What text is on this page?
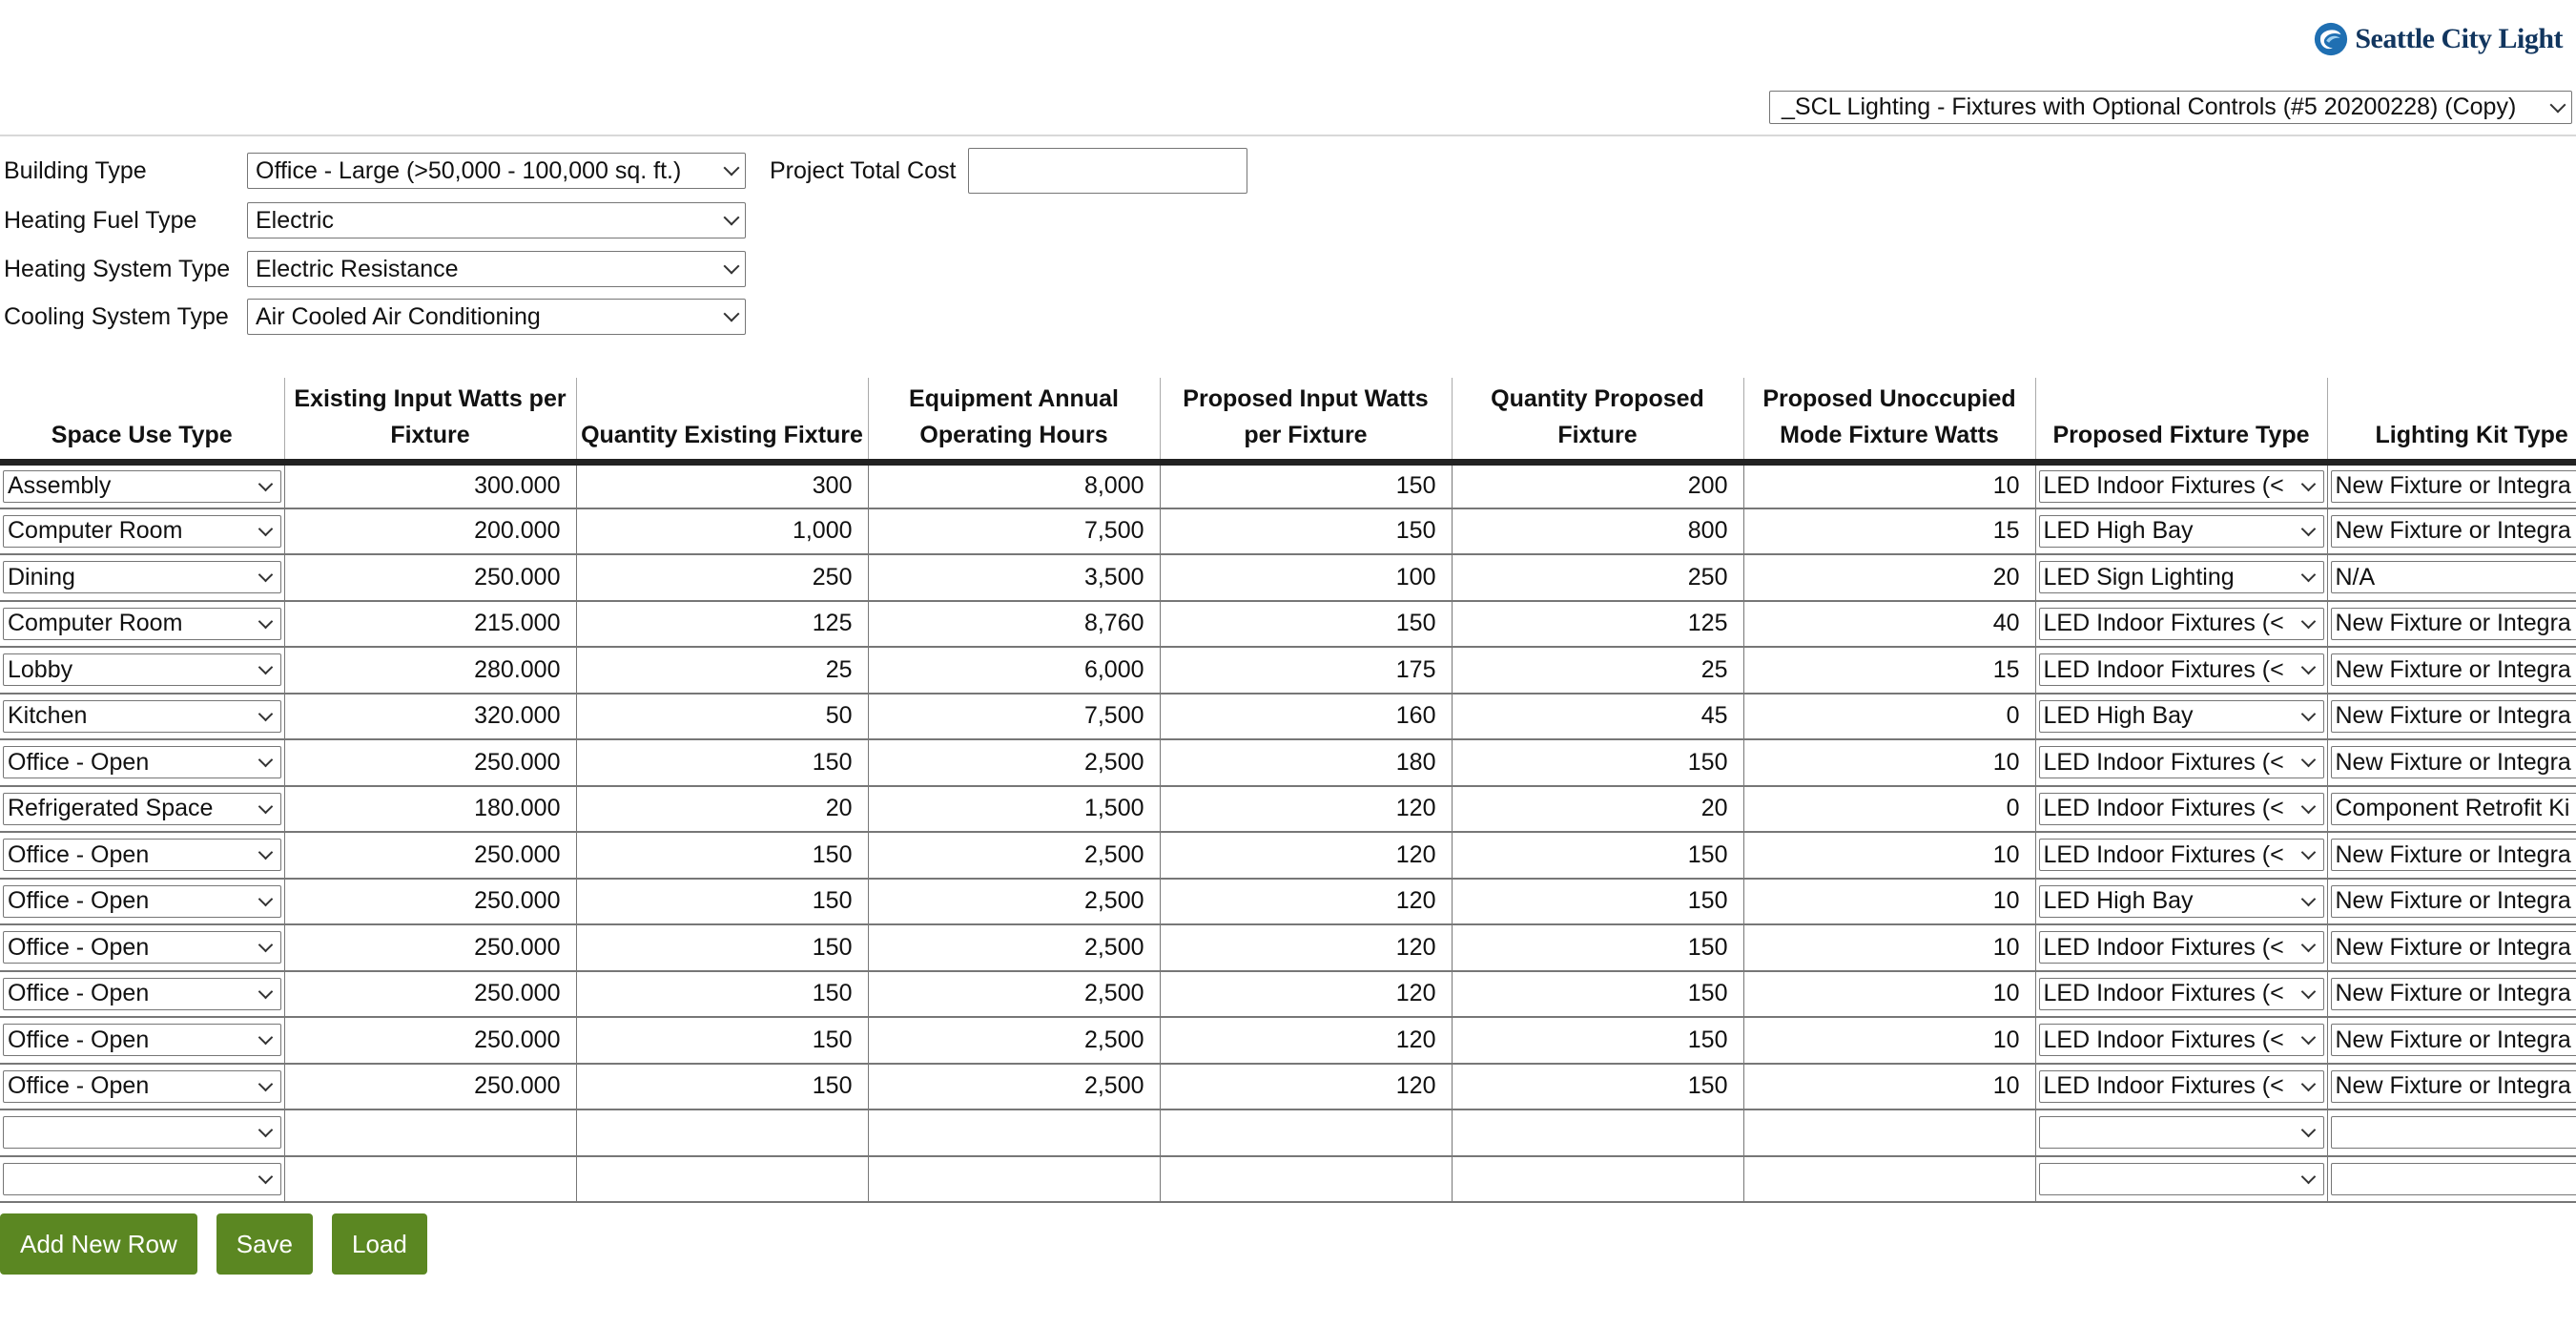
Seattle City Light
_SCL Lighting - Fixtures with Optional Controls (#5 20200228) (Copy)
Building Type	Office - Large (>50,000 - 100,000 sq. ft.)	Project Total Cost
Heating Fuel Type	Electric
Heating System Type	Electric Resistance
Cooling System Type	Air Cooled Air Conditioning
Space Use Type	Existing Input Watts per Fixture	Quantity Existing Fixture	Equipment Annual Operating Hours	Proposed Input Watts per Fixture	Quantity Proposed Fixture	Proposed Unoccupied Mode Fixture Watts	Proposed Fixture Type	Lighting Kit Type

Assembly	300.000	300	8,000	150	200	10	LED Indoor Fixtures (<	New Fixture or Integra

Computer Room	200.000	1,000	7,500	150	800	15	LED High Bay	New Fixture or Integra

Dining	250.000	250	3,500	100	250	20	LED Sign Lighting	N/A

Computer Room	215.000	125	8,760	150	125	40	LED Indoor Fixtures (<	New Fixture or Integra

Lobby	280.000	25	6,000	175	25	15	LED Indoor Fixtures (<	New Fixture or Integra

Kitchen	320.000	50	7,500	160	45	0	LED High Bay	New Fixture or Integra

Office - Open	250.000	150	2,500	180	150	10	LED Indoor Fixtures (<	New Fixture or Integra

Refrigerated Space	180.000	20	1,500	120	20	0	LED Indoor Fixtures (<	Component Retrofit Ki

Office - Open	250.000	150	2,500	120	150	10	LED Indoor Fixtures (<	New Fixture or Integra

Office - Open	250.000	150	2,500	120	150	10	LED High Bay	New Fixture or Integra

Office - Open	250.000	150	2,500	120	150	10	LED Indoor Fixtures (<	New Fixture or Integra

Office - Open	250.000	150	2,500	120	150	10	LED Indoor Fixtures (<	New Fixture or Integra

Office - Open	250.000	150	2,500	120	150	10	LED Indoor Fixtures (<	New Fixture or Integra

Office - Open	250.000	150	2,500	120	150	10	LED Indoor Fixtures (<	New Fixture or Integra

Add New Row	Save	Load
